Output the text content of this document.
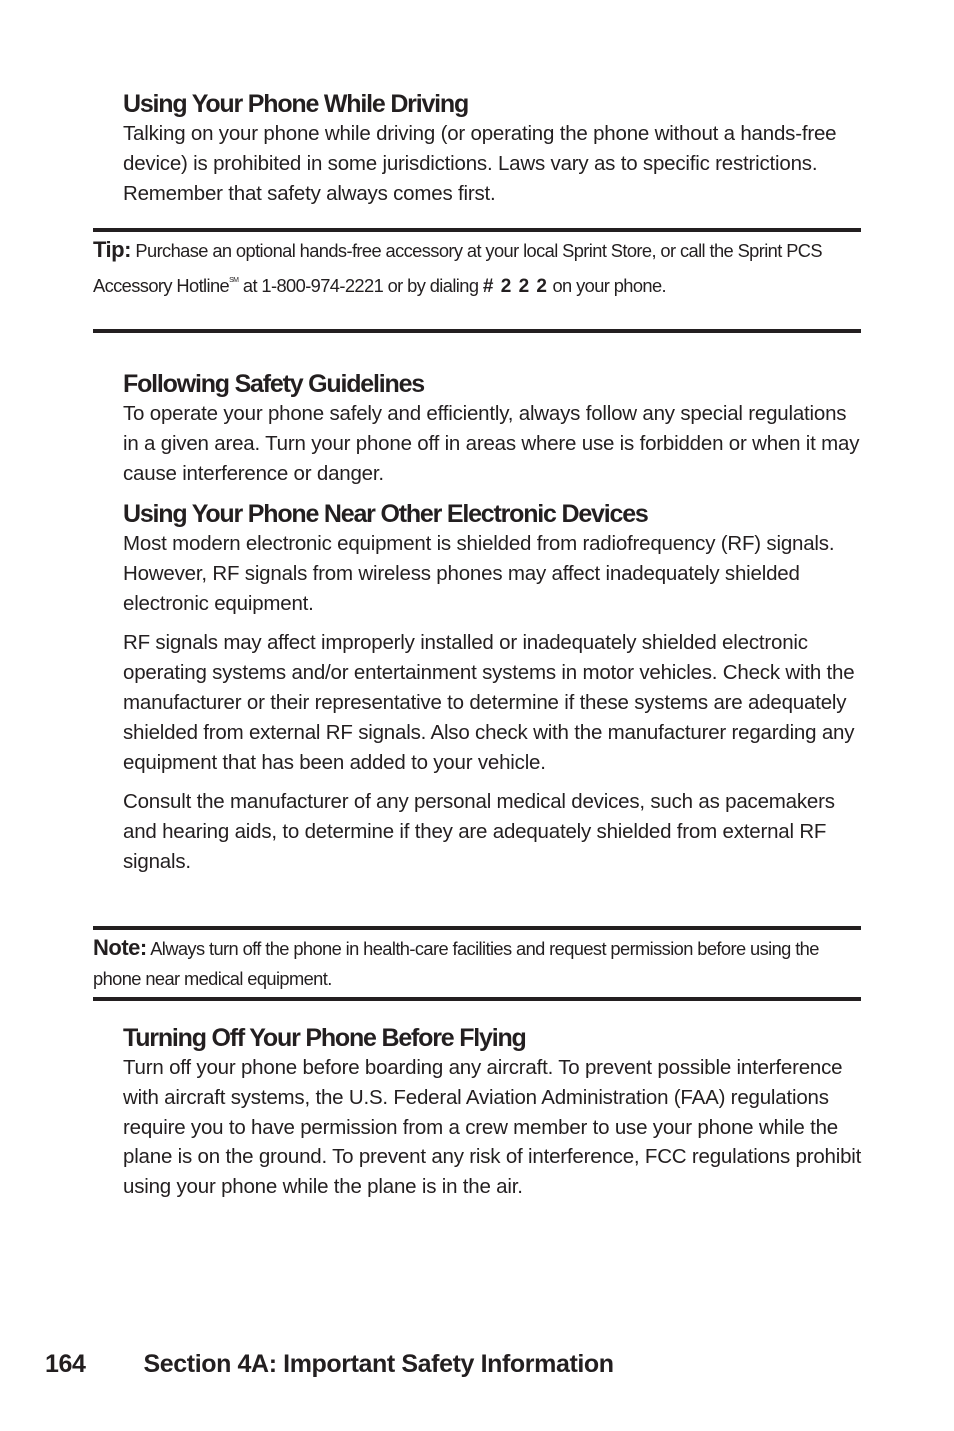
Using Your Phone While Driving

Talking on your phone while driving (or operating the phone without a hands-free device) is prohibited in some jurisdictions. Laws vary as to specific restrictions. Remember that safety always comes first.

Tip: Purchase an optional hands-free accessory at your local Sprint Store, or call the Sprint PCS Accessory Hotline℠ at 1-800-974-2221 or by dialing # 2 2 2 on your phone.

Following Safety Guidelines

To operate your phone safely and efficiently, always follow any special regulations in a given area. Turn your phone off in areas where use is forbidden or when it may cause interference or danger.

Using Your Phone Near Other Electronic Devices

Most modern electronic equipment is shielded from radiofrequency (RF) signals. However, RF signals from wireless phones may affect inadequately shielded electronic equipment.

RF signals may affect improperly installed or inadequately shielded electronic operating systems and/or entertainment systems in motor vehicles. Check with the manufacturer or their representative to determine if these systems are adequately shielded from external RF signals. Also check with the manufacturer regarding any equipment that has been added to your vehicle.

Consult the manufacturer of any personal medical devices, such as pacemakers and hearing aids, to determine if they are adequately shielded from external RF signals.

Note: Always turn off the phone in health-care facilities and request permission before using the phone near medical equipment.

Turning Off Your Phone Before Flying

Turn off your phone before boarding any aircraft. To prevent possible interference with aircraft systems, the U.S. Federal Aviation Administration (FAA) regulations require you to have permission from a crew member to use your phone while the plane is on the ground. To prevent any risk of interference, FCC regulations prohibit using your phone while the plane is in the air.

164 Section 4A: Important Safety Information
